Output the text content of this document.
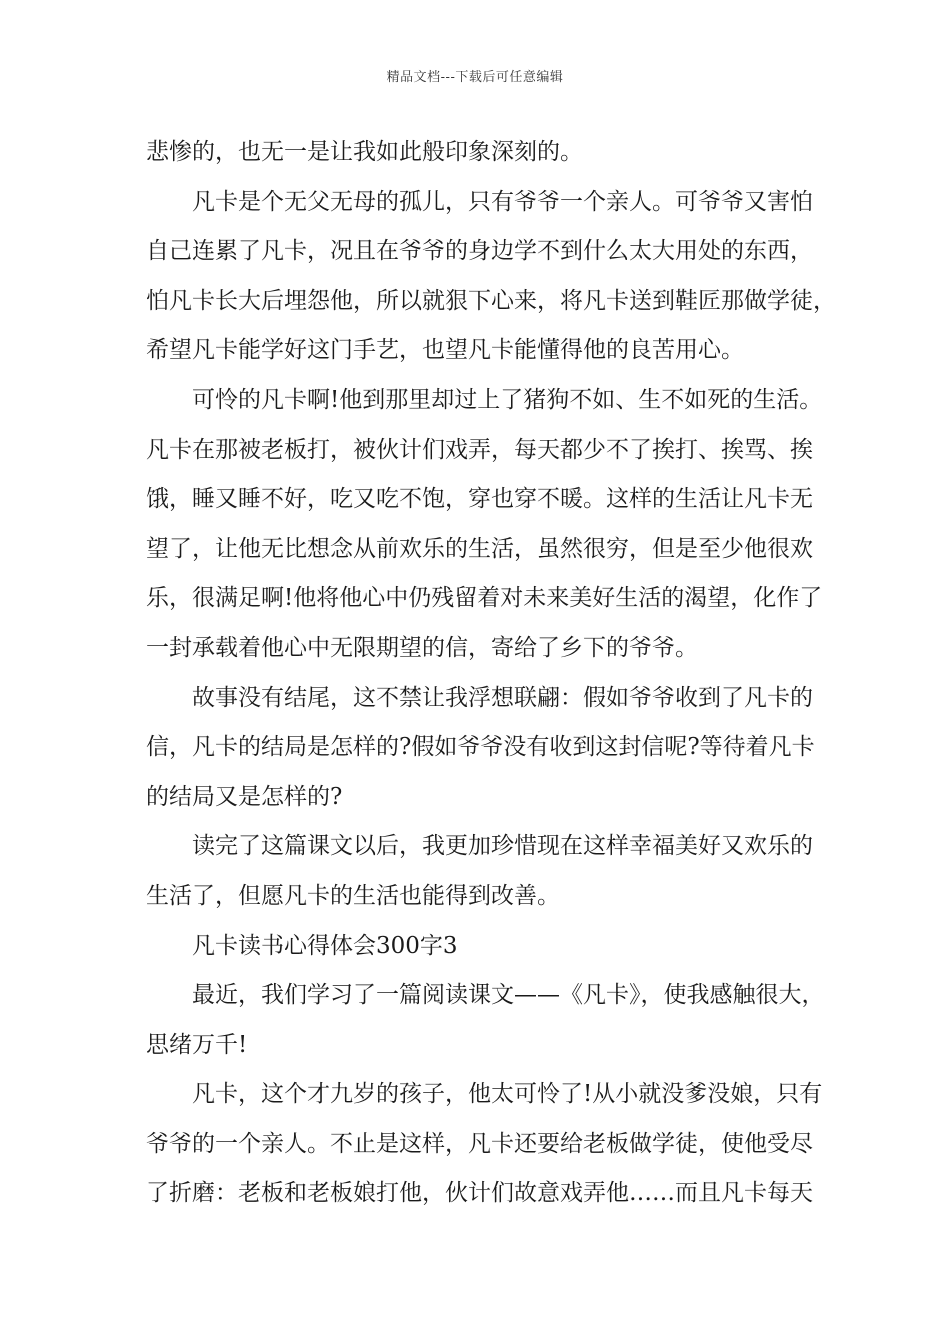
精品文档---下载后可任意编辑
悲惨的，也无一是让我如此般印象深刻的。
凡卡是个无父无母的孤儿，只有爷爷一个亲人。可爷爷又害怕
自己连累了凡卡，况且在爷爷的身边学不到什么太大用处的东西，
怕凡卡长大后埋怨他，所以就狠下心来，将凡卡送到鞋匠那做学徒，
希望凡卡能学好这门手艺，也望凡卡能懂得他的良苦用心。
可怜的凡卡啊!他到那里却过上了猪狗不如、生不如死的生活。
凡卡在那被老板打，被伙计们戏弄，每天都少不了挨打、挨骂、挨
饿，睡又睡不好，吃又吃不饱，穿也穿不暖。这样的生活让凡卡无
望了，让他无比想念从前欢乐的生活，虽然很穷，但是至少他很欢
乐，很满足啊!他将他心中仍残留着对未来美好生活的渴望，化作了
一封承载着他心中无限期望的信，寄给了乡下的爷爷。
故事没有结尾，这不禁让我浮想联翩：假如爷爷收到了凡卡的
信，凡卡的结局是怎样的?假如爷爷没有收到这封信呢?等待着凡卡
的结局又是怎样的?
读完了这篇课文以后，我更加珍惜现在这样幸福美好又欢乐的
生活了，但愿凡卡的生活也能得到改善。
凡卡读书心得体会300字3
最近，我们学习了一篇阅读课文——《凡卡》，使我感触很大，
思绪万千!
凡卡，这个才九岁的孩子，他太可怜了!从小就没爹没娘，只有
爷爷的一个亲人。不止是这样，凡卡还要给老板做学徒，使他受尽
了折磨：老板和老板娘打他，伙计们故意戏弄他……而且凡卡每天
